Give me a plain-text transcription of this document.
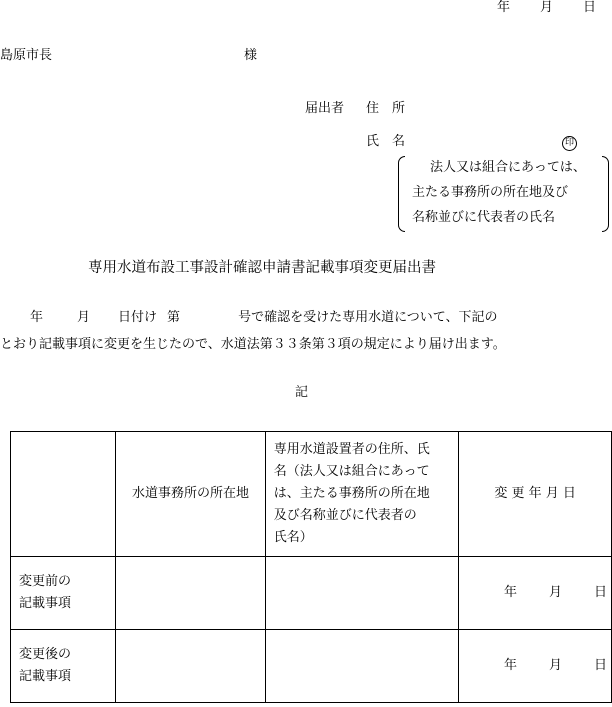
年 月 日
島原市長	様
届出者 住　所
氏　名	印
法人又は組合にあっては、
主たる事務所の所在地及び
名称並びに代表者の氏名
専用水道布設工事設計確認申請書記載事項変更届出書
年	月 日付け 第	号で確認を受けた専用水道について、下記の
とおり記載事項に変更を生じたので、水道法第３３条第３項の規定により届け出ます。
記
	水道事務所の所在地	専用水道設置者の住所、氏
名（法人又は組合にあって
は、主たる事務所の所在地
及び名称並びに代表者の
氏名）	変 更 年 月 日

変更前の
記載事項			年 月 日

変更後の
記載事項			年 月 日
